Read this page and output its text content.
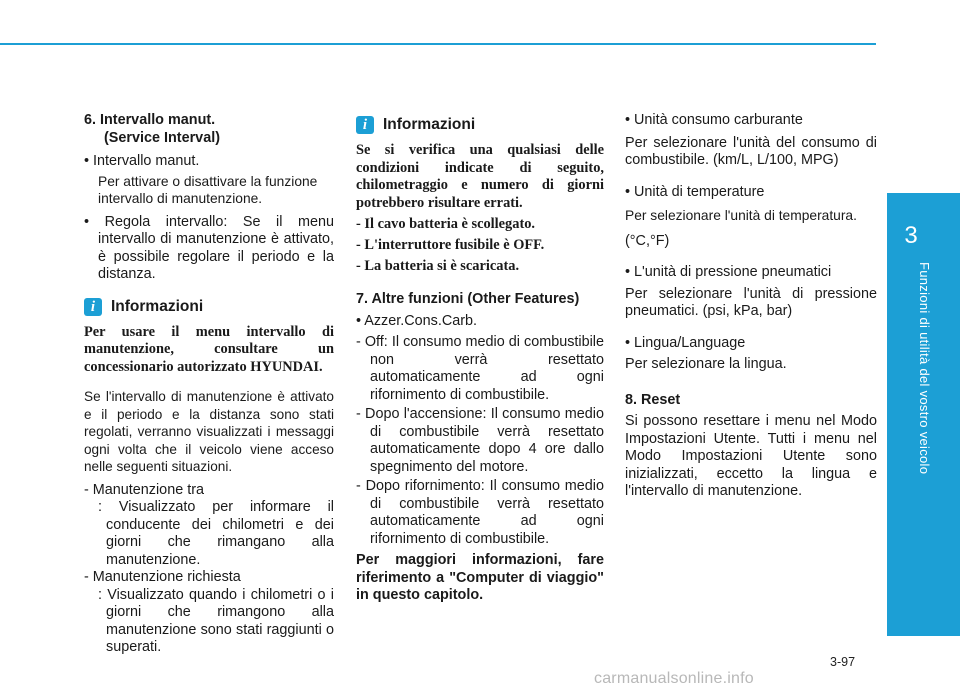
3
Funzioni di utilità del vostro veicolo

6. Intervallo manut.

(Service Interval)

• Intervallo manut.

Per attivare o disattivare la funzione intervallo di manutenzione.

• Regola intervallo: Se il menu intervallo di manutenzione è attivato, è possibile regolare il periodo e la distanza.

i	Informazioni

Per usare il menu intervallo di manutenzione, consultare un concessionario autorizzato HYUNDAI.

Se l'intervallo di manutenzione è attivato e il periodo e la distanza sono stati regolati, verranno visualizzati i messaggi ogni volta che il veicolo viene acceso nelle seguenti situazioni.

- Manutenzione tra

: Visualizzato per informare il conducente dei chilometri e dei giorni che rimangano alla manutenzione.

- Manutenzione richiesta

: Visualizzato quando i chilometri o i giorni che rimangono alla manutenzione sono stati raggiunti o superati.

i	Informazioni

Se si verifica una qualsiasi delle condizioni indicate di seguito, chilometraggio e numero di giorni potrebbero risultare errati.

- Il cavo batteria è scollegato.

- L'interruttore fusibile è OFF.

- La batteria si è scaricata.

7. Altre funzioni (Other Features)

• Azzer.Cons.Carb.

- Off: Il consumo medio di combustibile non verrà resettato automaticamente ad ogni rifornimento di combustibile.

- Dopo l'accensione: Il consumo medio di combustibile verrà resettato automaticamente dopo 4 ore dallo spegnimento del motore.

- Dopo rifornimento: Il consumo medio di combustibile verrà resettato automaticamente ad ogni rifornimento di combustibile.

Per maggiori informazioni, fare riferimento a "Computer di viaggio" in questo capitolo.

• Unità consumo carburante

Per selezionare l'unità del consumo di combustibile. (km/L, L/100, MPG)

• Unità di temperature

Per selezionare l'unità di temperatura.

(°C,°F)

• L'unità di pressione pneumatici

Per selezionare l'unità di pressione pneumatici. (psi, kPa, bar)

• Lingua/Language

Per selezionare la lingua.

8. Reset

Si possono resettare i menu nel Modo Impostazioni Utente. Tutti i menu nel Modo Impostazioni Utente sono inizializzati, eccetto la lingua e l'intervallo di manutenzione.

3-97
carmanualsonline.info
